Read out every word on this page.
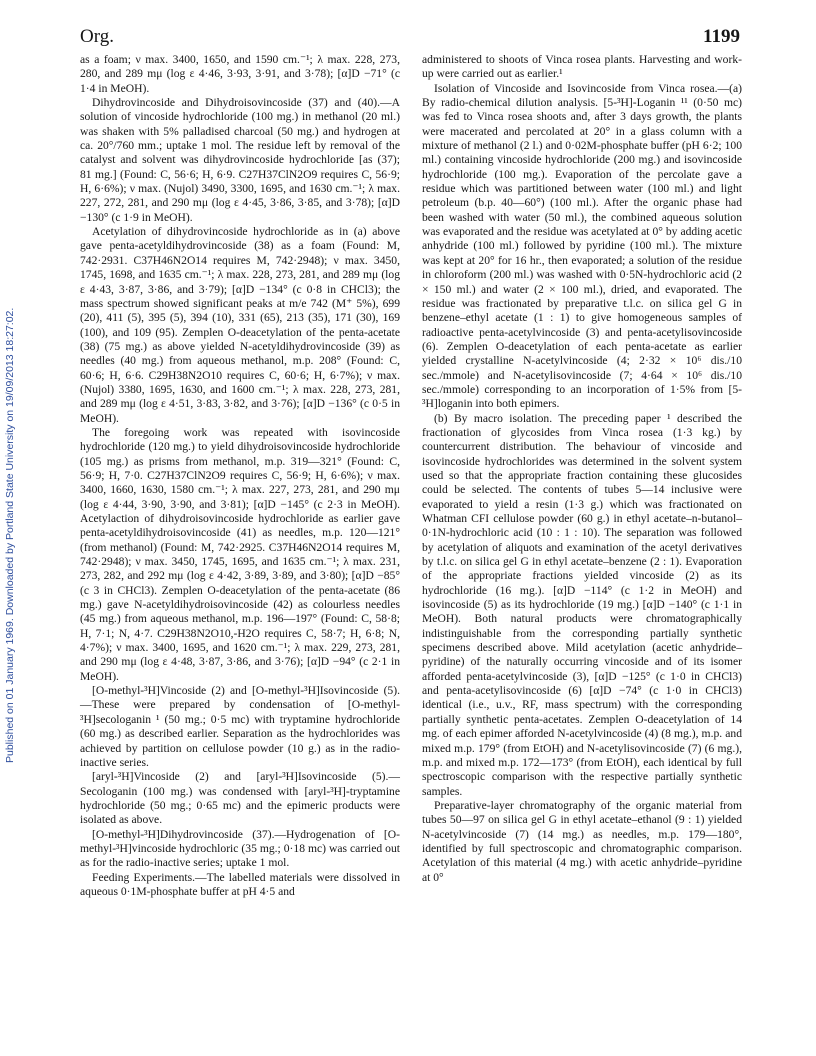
Org.	1199
Published on 01 January 1969. Downloaded by Portland State University on 19/09/2013 18:27:02.

as a foam; ν max. 3400, 1650, and 1590 cm.⁻¹; λ max. 228, 273, 280, and 289 mμ (log ε 4·46, 3·93, 3·91, and 3·78); [α]D −71° (c 1·4 in MeOH).

Dihydrovincoside and Dihydroisovincoside (37) and (40).—A solution of vincoside hydrochloride (100 mg.) in methanol (20 ml.) was shaken with 5% palladised charcoal (50 mg.) and hydrogen at ca. 20°/760 mm.; uptake 1 mol. The residue left by removal of the catalyst and solvent was dihydrovincoside hydrochloride [as (37); 81 mg.] (Found: C, 56·6; H, 6·9. C27H37ClN2O9 requires C, 56·9; H, 6·6%); ν max. (Nujol) 3490, 3300, 1695, and 1630 cm.⁻¹; λ max. 227, 272, 281, and 290 mμ (log ε 4·45, 3·86, 3·85, and 3·78); [α]D −130° (c 1·9 in MeOH).

Acetylation of dihydrovincoside hydrochloride as in (a) above gave penta-acetyldihydrovincoside (38) as a foam (Found: M, 742·2931. C37H46N2O14 requires M, 742·2948); ν max. 3450, 1745, 1698, and 1635 cm.⁻¹; λ max. 228, 273, 281, and 289 mμ (log ε 4·43, 3·87, 3·86, and 3·79); [α]D −134° (c 0·8 in CHCl3); the mass spectrum showed significant peaks at m/e 742 (M⁺ 5%), 699 (20), 411 (5), 395 (5), 394 (10), 331 (65), 213 (35), 171 (30), 169 (100), and 109 (95). Zemplen O-deacetylation of the penta-acetate (38) (75 mg.) as above yielded N-acetyldihydrovincoside (39) as needles (40 mg.) from aqueous methanol, m.p. 208° (Found: C, 60·6; H, 6·6. C29H38N2O10 requires C, 60·6; H, 6·7%); ν max. (Nujol) 3380, 1695, 1630, and 1600 cm.⁻¹; λ max. 228, 273, 281, and 289 mμ (log ε 4·51, 3·83, 3·82, and 3·76); [α]D −136° (c 0·5 in MeOH).

The foregoing work was repeated with isovincoside hydrochloride (120 mg.) to yield dihydroisovincoside hydrochloride (105 mg.) as prisms from methanol, m.p. 319—321° (Found: C, 56·9; H, 7·0. C27H37ClN2O9 requires C, 56·9; H, 6·6%); ν max. 3400, 1660, 1630, 1580 cm.⁻¹; λ max. 227, 273, 281, and 290 mμ (log ε 4·44, 3·90, 3·90, and 3·81); [α]D −145° (c 2·3 in MeOH). Acetylaction of dihydroisovincoside hydrochloride as earlier gave penta-acetyldihydroisovincoside (41) as needles, m.p. 120—121° (from methanol) (Found: M, 742·2925. C37H46N2O14 requires M, 742·2948); ν max. 3450, 1745, 1695, and 1635 cm.⁻¹; λ max. 231, 273, 282, and 292 mμ (log ε 4·42, 3·89, 3·89, and 3·80); [α]D −85° (c 3 in CHCl3). Zemplen O-deacetylation of the penta-acetate (86 mg.) gave N-acetyldihydroisovincoside (42) as colourless needles (45 mg.) from aqueous methanol, m.p. 196—197° (Found: C, 58·8; H, 7·1; N, 4·7. C29H38N2O10,-H2O requires C, 58·7; H, 6·8; N, 4·7%); ν max. 3400, 1695, and 1620 cm.⁻¹; λ max. 229, 273, 281, and 290 mμ (log ε 4·48, 3·87, 3·86, and 3·76); [α]D −94° (c 2·1 in MeOH).

[O-methyl-³H]Vincoside (2) and [O-methyl-³H]Isovincoside (5).—These were prepared by condensation of [O-methyl-³H]secologanin ¹ (50 mg.; 0·5 mc) with tryptamine hydrochloride (60 mg.) as described earlier. Separation as the hydrochlorides was achieved by partition on cellulose powder (10 g.) as in the radio-inactive series.

[aryl-³H]Vincoside (2) and [aryl-³H]Isovincoside (5).—Secologanin (100 mg.) was condensed with [aryl-³H]-tryptamine hydrochloride (50 mg.; 0·65 mc) and the epimeric products were isolated as above.

[O-methyl-³H]Dihydrovincoside (37).—Hydrogenation of [O-methyl-³H]vincoside hydrochloric (35 mg.; 0·18 mc) was carried out as for the radio-inactive series; uptake 1 mol.

Feeding Experiments.—The labelled materials were dissolved in aqueous 0·1M-phosphate buffer at pH 4·5 and

administered to shoots of Vinca rosea plants. Harvesting and work-up were carried out as earlier.¹

Isolation of Vincoside and Isovincoside from Vinca rosea.—(a) By radio-chemical dilution analysis. [5-³H]-Loganin ¹¹ (0·50 mc) was fed to Vinca rosea shoots and, after 3 days growth, the plants were macerated and percolated at 20° in a glass column with a mixture of methanol (2 l.) and 0·02M-phosphate buffer (pH 6·2; 100 ml.) containing vincoside hydrochloride (200 mg.) and isovincoside hydrochloride (100 mg.). Evaporation of the percolate gave a residue which was partitioned between water (100 ml.) and light petroleum (b.p. 40—60°) (100 ml.). After the organic phase had been washed with water (50 ml.), the combined aqueous solution was evaporated and the residue was acetylated at 0° by adding acetic anhydride (100 ml.) followed by pyridine (100 ml.). The mixture was kept at 20° for 16 hr., then evaporated; a solution of the residue in chloroform (200 ml.) was washed with 0·5N-hydrochloric acid (2 × 150 ml.) and water (2 × 100 ml.), dried, and evaporated. The residue was fractionated by preparative t.l.c. on silica gel G in benzene–ethyl acetate (1 : 1) to give homogeneous samples of radioactive penta-acetylvincoside (3) and penta-acetylisovincoside (6). Zemplen O-deacetylation of each penta-acetate as earlier yielded crystalline N-acetylvincoside (4; 2·32 × 10⁶ dis./10 sec./mmole) and N-acetylisovincoside (7; 4·64 × 10⁶ dis./10 sec./mmole) corresponding to an incorporation of 1·5% from [5-³H]loganin into both epimers.

(b) By macro isolation. The preceding paper ¹ described the fractionation of glycosides from Vinca rosea (1·3 kg.) by countercurrent distribution. The behaviour of vincoside and isovincoside hydrochlorides was determined in the solvent system used so that the appropriate fraction containing these glucosides could be selected. The contents of tubes 5—14 inclusive were evaporated to yield a resin (1·3 g.) which was fractionated on Whatman CFI cellulose powder (60 g.) in ethyl acetate–n-butanol–0·1N-hydrochloric acid (10 : 1 : 10). The separation was followed by acetylation of aliquots and examination of the acetyl derivatives by t.l.c. on silica gel G in ethyl acetate–benzene (2 : 1). Evaporation of the appropriate fractions yielded vincoside (2) as its hydrochloride (16 mg.). [α]D −114° (c 1·2 in MeOH) and isovincoside (5) as its hydrochloride (19 mg.) [α]D −140° (c 1·1 in MeOH). Both natural products were chromatographically indistinguishable from the corresponding partially synthetic specimens described above. Mild acetylation (acetic anhydride–pyridine) of the naturally occurring vincoside and of its isomer afforded penta-acetylvincoside (3), [α]D −125° (c 1·0 in CHCl3) and penta-acetylisovincoside (6) [α]D −74° (c 1·0 in CHCl3) identical (i.e., u.v., RF, mass spectrum) with the corresponding partially synthetic penta-acetates. Zemplen O-deacetylation of 14 mg. of each epimer afforded N-acetylvincoside (4) (8 mg.), m.p. and mixed m.p. 179° (from EtOH) and N-acetylisovincoside (7) (6 mg.), m.p. and mixed m.p. 172—173° (from EtOH), each identical by full spectroscopic comparison with the respective partially synthetic samples.

Preparative-layer chromatography of the organic material from tubes 50—97 on silica gel G in ethyl acetate–ethanol (9 : 1) yielded N-acetylvincoside (7) (14 mg.) as needles, m.p. 179—180°, identified by full spectroscopic and chromatographic comparison. Acetylation of this material (4 mg.) with acetic anhydride–pyridine at 0°
